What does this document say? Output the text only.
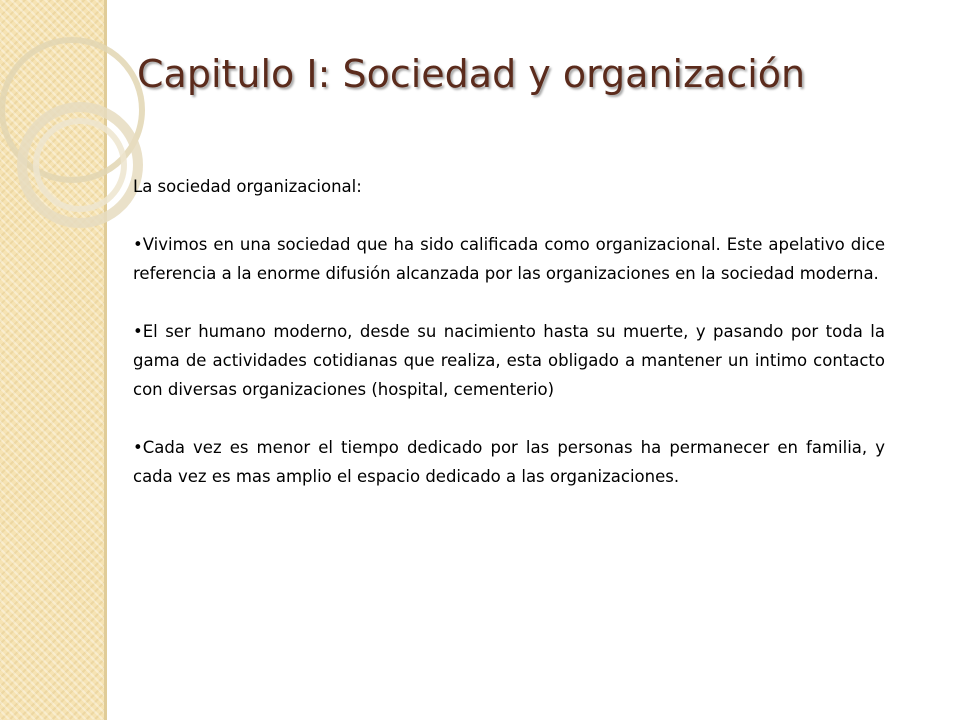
Capitulo I: Sociedad y organización

La sociedad organizacional:

•Vivimos en una sociedad que ha sido calificada como organizacional. Este apelativo dice referencia a la enorme difusión alcanzada por las organizaciones en la sociedad moderna.

•El ser humano moderno, desde su nacimiento hasta su muerte, y pasando por toda la gama de actividades cotidianas que realiza, esta obligado a mantener un intimo contacto con diversas organizaciones (hospital, cementerio)

•Cada vez es menor el tiempo dedicado por las personas ha permanecer en familia, y cada vez es mas amplio el espacio dedicado a las organizaciones.
